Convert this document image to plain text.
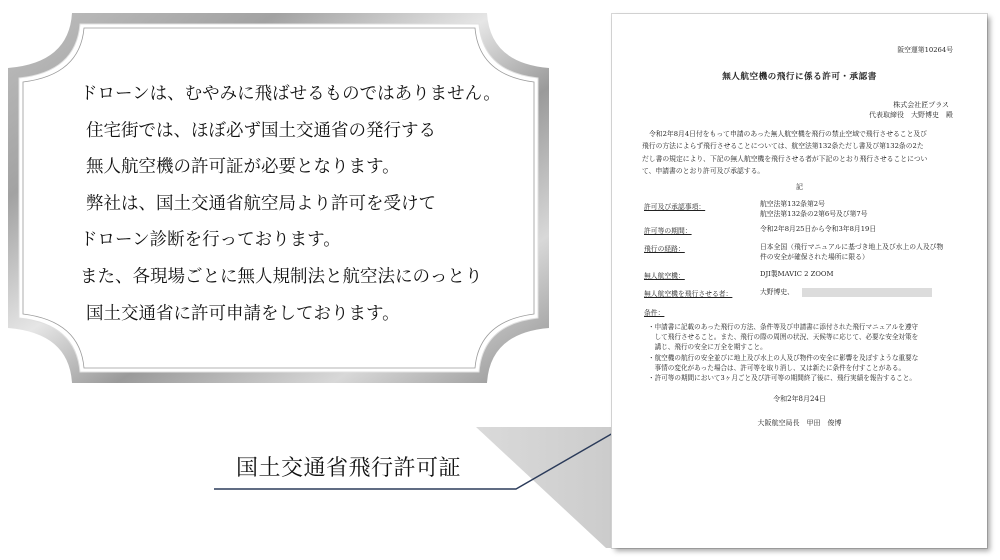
ドローンは、むやみに飛ばせるものではありません。
住宅街では、ほぼ必ず国土交通省の発行する
無人航空機の許可証が必要となります。
弊社は、国土交通省航空局より許可を受けて
ドローン診断を行っております。
また、各現場ごとに無人規制法と航空法にのっとり
国土交通省に許可申請をしております。
国土交通省飛行許可証
阪空運第10264号
無人航空機の飛行に係る許可・承認書
株式会社匠プラス
代表取締役　大野博史　殿
令和2年8月4日付をもって申請のあった無人航空機を飛行の禁止空域で飛行させること及び
飛行の方法によらず飛行させることについては、航空法第132条ただし書及び第132条の2た
だし書の規定により、下記の無人航空機を飛行させる者が下記のとおり飛行させることについ
て、申請書のとおり許可及び承認する。
記
許可及び承認事項：	航空法第132条第2号
航空法第132条の2第6号及び第7号
許可等の期間：	令和2年8月25日から令和3年8月19日
飛行の経路：	日本全国（飛行マニュアルに基づき地上及び水上の人及び物
件の安全が確保された場所に限る）
無人航空機：	DJI製MAVIC 2 ZOOM
無人航空機を飛行させる者：	大野博史、
条件：
・申請書に記載のあった飛行の方法、条件等及び申請書に添付された飛行マニュアルを遵守
　して飛行させること。また、飛行の際の周囲の状況、天候等に応じて、必要な安全対策を
　講じ、飛行の安全に万全を期すこと。
・航空機の航行の安全並びに地上及び水上の人及び物件の安全に影響を及ぼすような重要な
　事情の変化があった場合は、許可等を取り消し、又は新たに条件を付すことがある。
・許可等の期間において3ヶ月ごと及び許可等の期間終了後に、飛行実績を報告すること。
令和2年8月24日
大阪航空局長　甲田　俊博
